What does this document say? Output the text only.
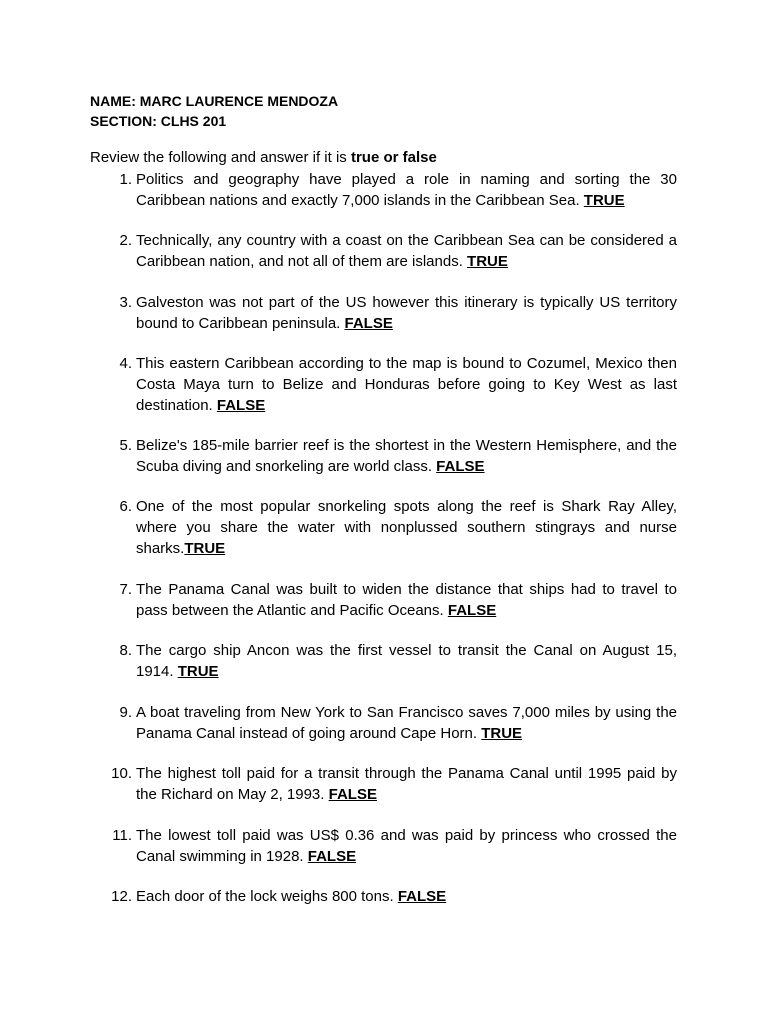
NAME: MARC LAURENCE MENDOZA
SECTION: CLHS 201
Review the following and answer if it is true or false
1. Politics and geography have played a role in naming and sorting the 30 Caribbean nations and exactly 7,000 islands in the Caribbean Sea. TRUE
2. Technically, any country with a coast on the Caribbean Sea can be considered a Caribbean nation, and not all of them are islands. TRUE
3. Galveston was not part of the US however this itinerary is typically US territory bound to Caribbean peninsula. FALSE
4. This eastern Caribbean according to the map is bound to Cozumel, Mexico then Costa Maya turn to Belize and Honduras before going to Key West as last destination. FALSE
5. Belize's 185-mile barrier reef is the shortest in the Western Hemisphere, and the Scuba diving and snorkeling are world class. FALSE
6. One of the most popular snorkeling spots along the reef is Shark Ray Alley, where you share the water with nonplussed southern stingrays and nurse sharks.TRUE
7. The Panama Canal was built to widen the distance that ships had to travel to pass between the Atlantic and Pacific Oceans. FALSE
8. The cargo ship Ancon was the first vessel to transit the Canal on August 15, 1914. TRUE
9. A boat traveling from New York to San Francisco saves 7,000 miles by using the Panama Canal instead of going around Cape Horn. TRUE
10. The highest toll paid for a transit through the Panama Canal until 1995 paid by the Richard on May 2, 1993. FALSE
11. The lowest toll paid was US$ 0.36 and was paid by princess who crossed the Canal swimming in 1928. FALSE
12. Each door of the lock weighs 800 tons. FALSE
